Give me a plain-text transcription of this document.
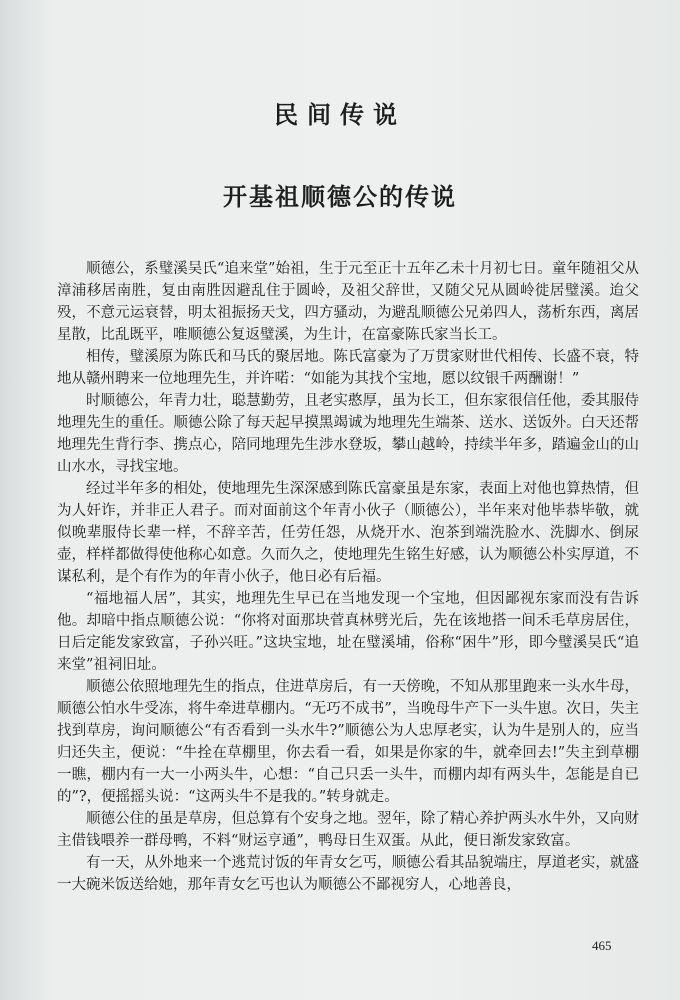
民间传说
开基祖顺德公的传说

顺德公，系璧溪吴氏“追来堂”始祖，生于元至正十五年乙未十月初七日。童年随祖父从漳浦移居南胜，复由南胜因避乱住于圆岭，及祖父辞世，又随父兄从圆岭徙居璧溪。迨父殁，不意元运衰替，明太祖振扬天戈，四方骚动，为避乱顺德公兄弟四人，荡析东西，离居星散，比乱既平，唯顺德公复返璧溪，为生计，在富豪陈氏家当长工。

相传，璧溪原为陈氏和马氏的聚居地。陈氏富豪为了万贯家财世代相传、长盛不衰，特地从赣州聘来一位地理先生，并许喏：“如能为其找个宝地，愿以纹银千两酬谢！”

时顺德公，年青力壮，聪慧勤劳，且老实憨厚，虽为长工，但东家很信任他，委其服侍地理先生的重任。顺德公除了每天起早摸黑竭诚为地理先生端茶、送水、送饭外。白天还帮地理先生背行李、携点心，陪同地理先生涉水登坂，攀山越岭，持续半年多，踏遍金山的山山水水，寻找宝地。

经过半年多的相处，使地理先生深深感到陈氏富豪虽是东家，表面上对他也算热情，但为人奸诈，并非正人君子。而对面前这个年青小伙子（顺德公），半年来对他毕恭毕敬，就似晚辈服侍长辈一样，不辞辛苦，任劳任怨，从烧开水、泡茶到端洗脸水、洗脚水、倒尿壶，样样都做得使他称心如意。久而久之，使地理先生铭生好感，认为顺德公朴实厚道，不谋私利，是个有作为的年青小伙子，他日必有后福。

“福地福人居”，其实，地理先生早已在当地发现一个宝地，但因鄙视东家而没有告诉他。却暗中指点顺德公说：“你将对面那块菅真林劈光后，先在该地搭一间禾毛草房居住，日后定能发家致富，子孙兴旺。”这块宝地，址在璧溪埔，俗称“困牛”形，即今璧溪吴氏“追来堂”祖祠旧址。

顺德公依照地理先生的指点，住进草房后，有一天傍晚，不知从那里跑来一头水牛母，顺德公怕水牛受冻，将牛牵进草棚内。“无巧不成书”，当晚母牛产下一头牛崽。次日，失主找到草房，询问顺德公“有否看到一头水牛?”顺德公为人忠厚老实，认为牛是别人的，应当归还失主，便说：“牛拴在草棚里，你去看一看，如果是你家的牛，就牵回去!”失主到草棚一瞧，棚内有一大一小两头牛，心想：“自己只丢一头牛，而棚内却有两头牛，怎能是自已的”?，便摇摇头说：“这两头牛不是我的。”转身就走。

顺德公住的虽是草房，但总算有个安身之地。翌年，除了精心养护两头水牛外，又向财主借钱喂养一群母鸭，不料“财运亨通”，鸭母日生双蛋。从此，便日渐发家致富。

有一天，从外地来一个逃荒讨饭的年青女乞丐，顺德公看其品貌端庄，厚道老实，就盛一大碗米饭送给她，那年青女乞丐也认为顺德公不鄙视穷人，心地善良，

465
